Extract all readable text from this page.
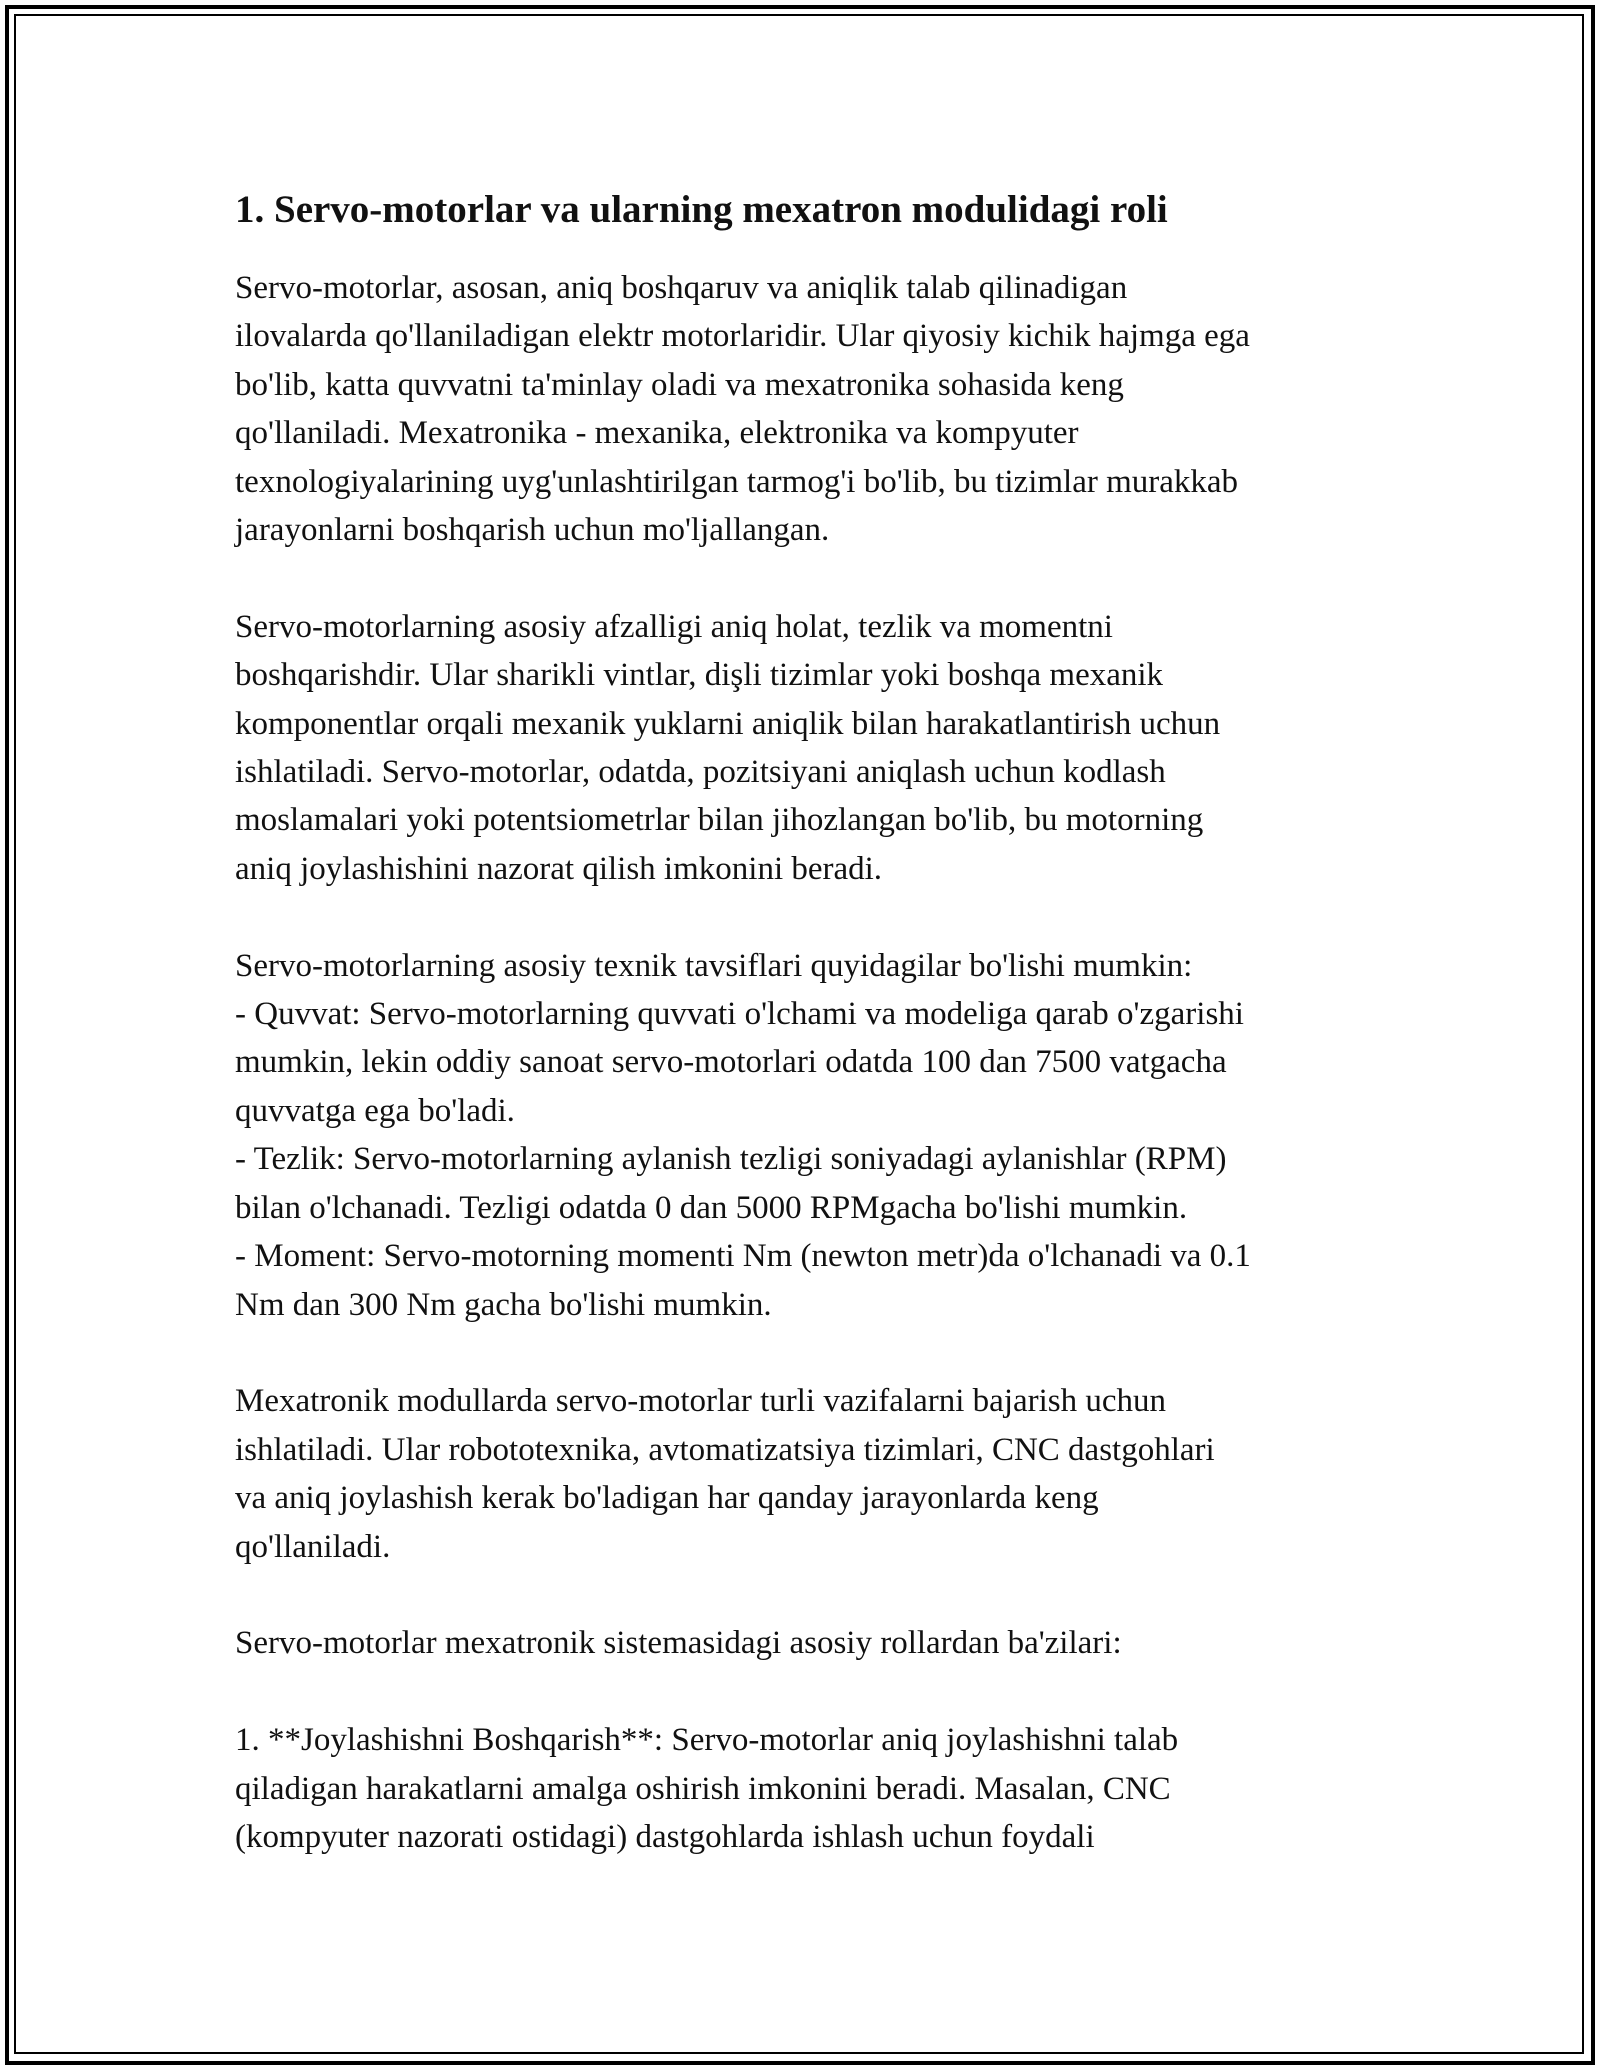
1. Servo-motorlar va ularning mexatron modulidagi roli

Servo-motorlar, asosan, aniq boshqaruv va aniqlik talab qilinadigan
ilovalarda qo'llaniladigan elektr motorlaridir. Ular qiyosiy kichik hajmga ega
bo'lib, katta quvvatni ta'minlay oladi va mexatronika sohasida keng
qo'llaniladi. Mexatronika - mexanika, elektronika va kompyuter
texnologiyalarining uyg'unlashtirilgan tarmog'i bo'lib, bu tizimlar murakkab
jarayonlarni boshqarish uchun mo'ljallangan.

Servo-motorlarning asosiy afzalligi aniq holat, tezlik va momentni
boshqarishdir. Ular sharikli vintlar, dişli tizimlar yoki boshqa mexanik
komponentlar orqali mexanik yuklarni aniqlik bilan harakatlantirish uchun
ishlatiladi. Servo-motorlar, odatda, pozitsiyani aniqlash uchun kodlash
moslamalari yoki potentsiometrlar bilan jihozlangan bo'lib, bu motorning
aniq joylashishini nazorat qilish imkonini beradi.

Servo-motorlarning asosiy texnik tavsiflari quyidagilar bo'lishi mumkin:
- Quvvat: Servo-motorlarning quvvati o'lchami va modeliga qarab o'zgarishi
mumkin, lekin oddiy sanoat servo-motorlari odatda 100 dan 7500 vatgacha
quvvatga ega bo'ladi.
- Tezlik: Servo-motorlarning aylanish tezligi soniyadagi aylanishlar (RPM)
bilan o'lchanadi. Tezligi odatda 0 dan 5000 RPMgacha bo'lishi mumkin.
- Moment: Servo-motorning momenti Nm (newton metr)da o'lchanadi va 0.1
Nm dan 300 Nm gacha bo'lishi mumkin.

Mexatronik modullarda servo-motorlar turli vazifalarni bajarish uchun
ishlatiladi. Ular robototexnika, avtomatizatsiya tizimlari, CNC dastgohlari
va aniq joylashish kerak bo'ladigan har qanday jarayonlarda keng
qo'llaniladi.

Servo-motorlar mexatronik sistemasidagi asosiy rollardan ba'zilari:

1. **Joylashishni Boshqarish**: Servo-motorlar aniq joylashishni talab
qiladigan harakatlarni amalga oshirish imkonini beradi. Masalan, CNC
(kompyuter nazorati ostidagi) dastgohlarda ishlash uchun foydali
